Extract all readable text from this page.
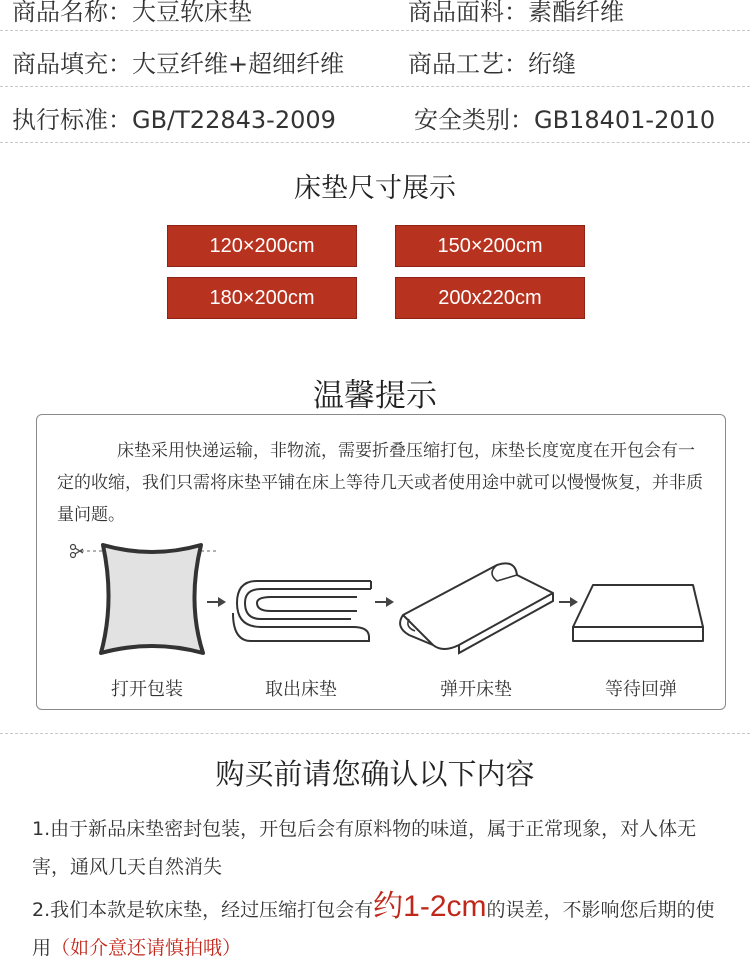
商品名称：大豆软床垫	商品面料：素酯纤维
商品填充：大豆纤维+超细纤维	商品工艺：绗缝
执行标准：GB/T22843-2009	安全类别：GB18401-2010
床垫尺寸展示
120×200cm	150×200cm
180×200cm	200x220cm
温馨提示
床垫采用快递运输，非物流，需要折叠压缩打包，床垫长度宽度在开包会有一定的收缩，我们只需将床垫平铺在床上等待几天或者使用途中就可以慢慢恢复，并非质量问题。
打开包装	取出床垫	弹开床垫	等待回弹
购买前请您确认以下内容
1.由于新品床垫密封包装，开包后会有原料物的味道，属于正常现象，对人体无害，通风几天自然消失
2.我们本款是软床垫，经过压缩打包会有约1-2cm的误差，不影响您后期的使用（如介意还请慎拍哦）
